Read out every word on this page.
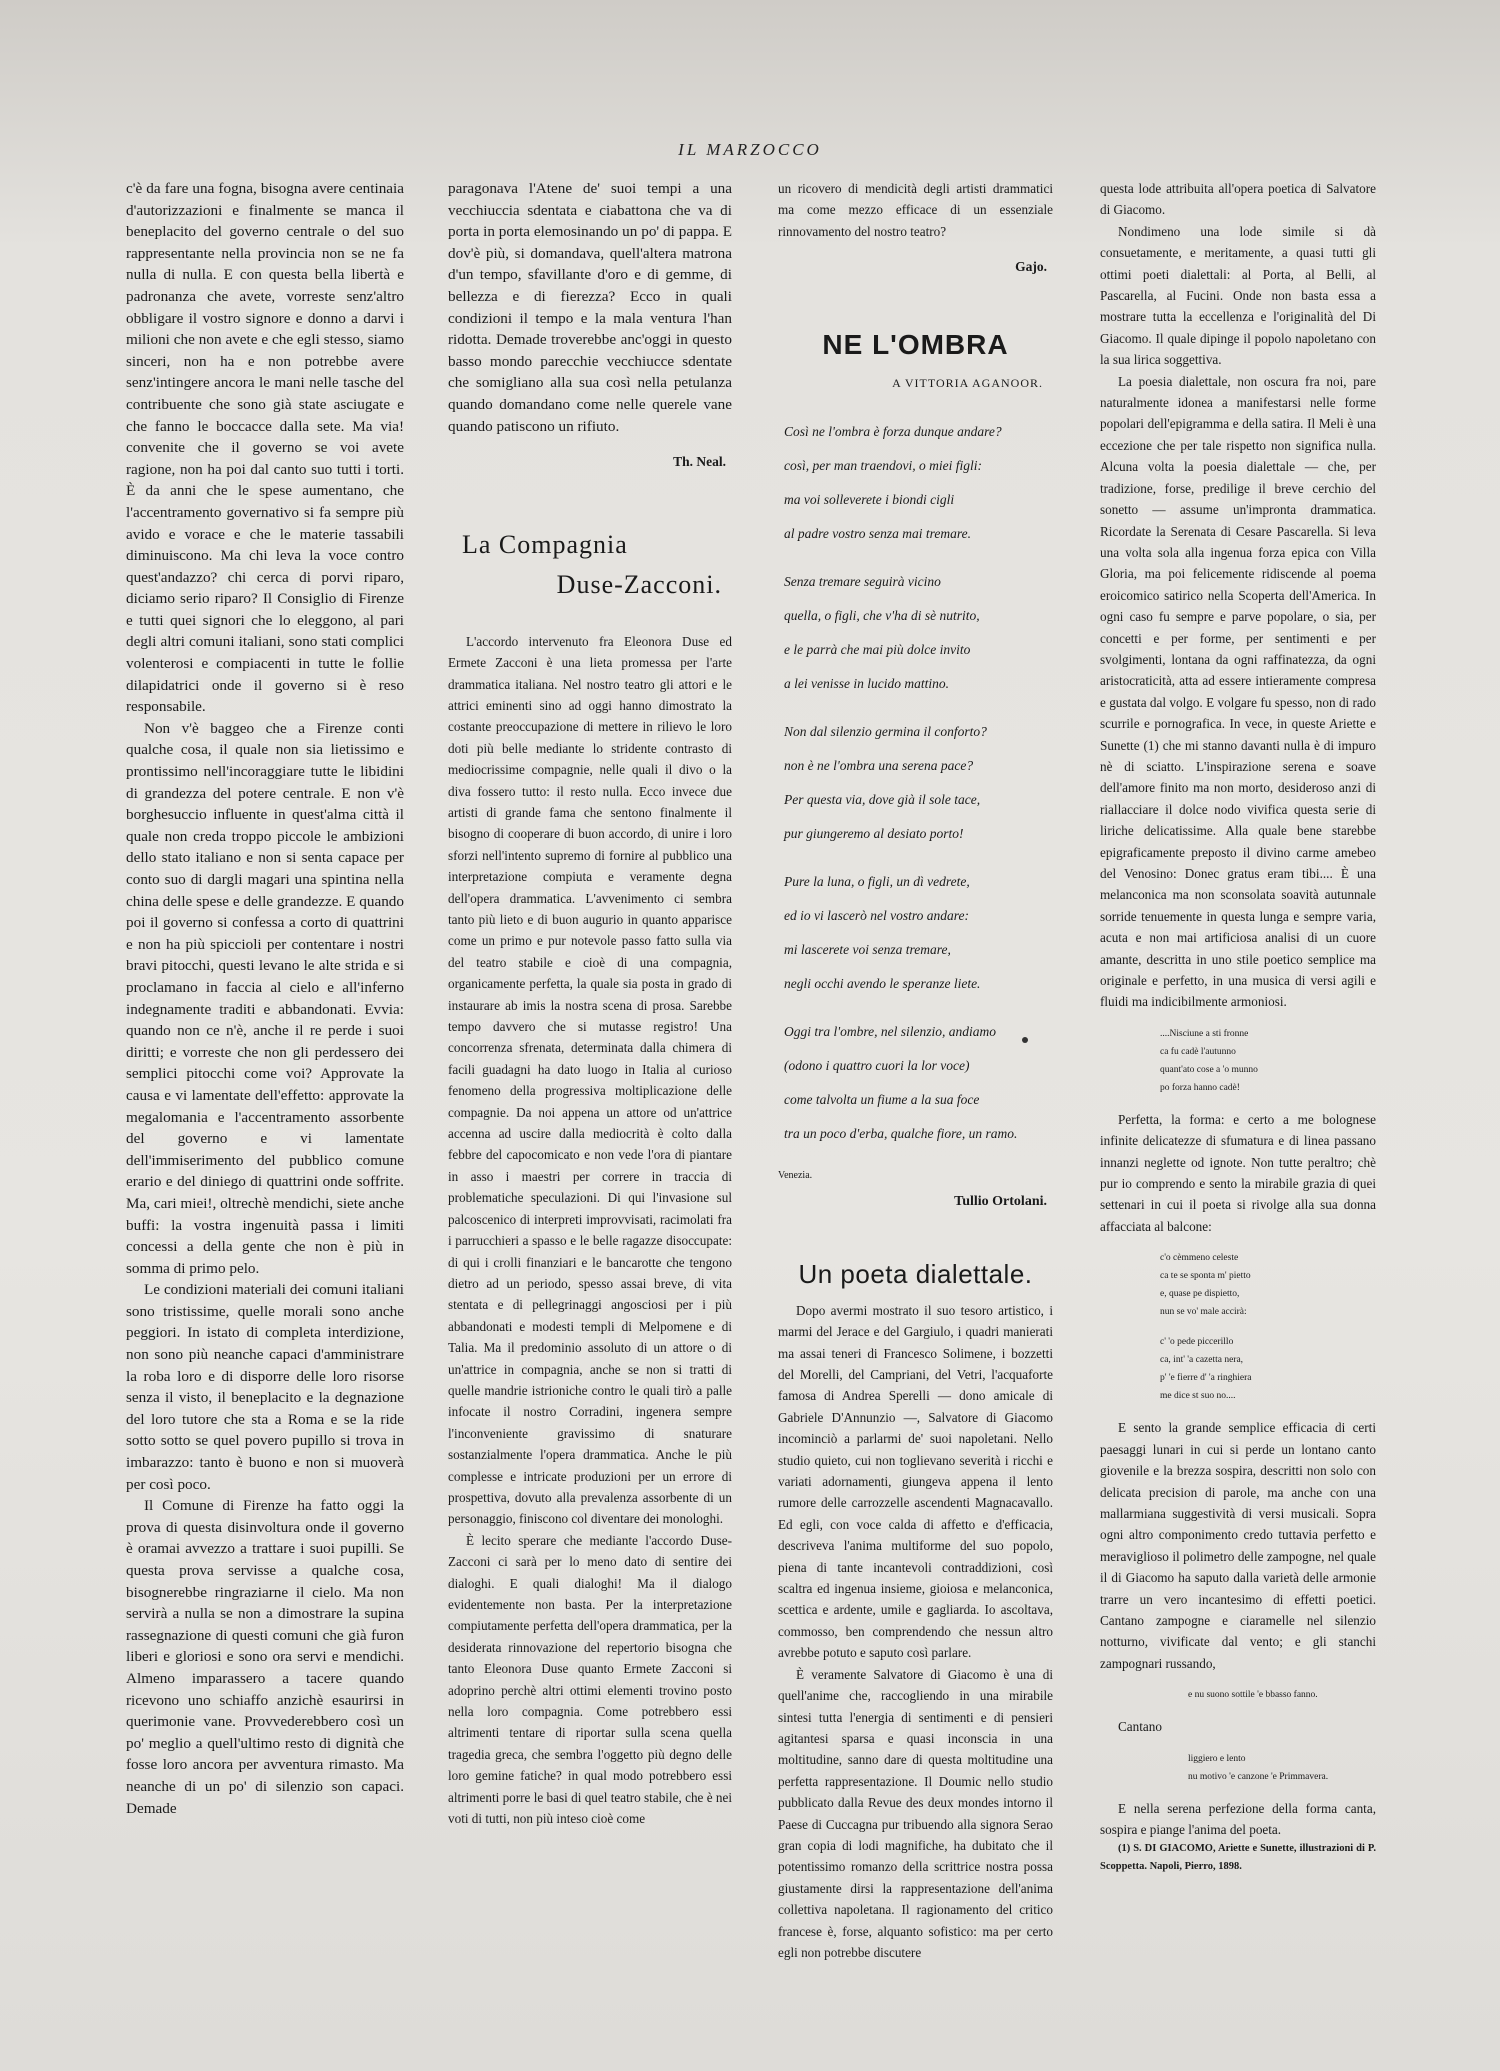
IL MARZOCCO

c'è da fare una fogna, bisogna avere centinaia d'autorizzazioni e finalmente se manca il beneplacito del governo centrale o del suo rappresentante nella provincia non se ne fa nulla di nulla. E con questa bella libertà e padronanza che avete, vorreste senz'altro obbligare il vostro signore e donno a darvi i milioni che non avete e che egli stesso, siamo sinceri, non ha e non potrebbe avere senz'intingere ancora le mani nelle tasche del contribuente che sono già state asciugate e che fanno le boccacce dalla sete. Ma via! convenite che il governo se voi avete ragione, non ha poi dal canto suo tutti i torti. È da anni che le spese aumentano, che l'accentramento governativo si fa sempre più avido e vorace e che le materie tassabili diminuiscono. Ma chi leva la voce contro quest'andazzo? chi cerca di porvi riparo, diciamo serio riparo? Il Consiglio di Firenze e tutti quei signori che lo eleggono, al pari degli altri comuni italiani, sono stati complici volenterosi e compiacenti in tutte le follie dilapidatrici onde il governo si è reso responsabile.

Non v'è baggeo che a Firenze conti qualche cosa, il quale non sia lietissimo e prontissimo nell'incoraggiare tutte le libidini di grandezza del potere centrale. E non v'è borghesuccio influente in quest'alma città il quale non creda troppo piccole le ambizioni dello stato italiano e non si senta capace per conto suo di dargli magari una spintina nella china delle spese e delle grandezze. E quando poi il governo si confessa a corto di quattrini e non ha più spiccioli per contentare i nostri bravi pitocchi, questi levano le alte strida e si proclamano in faccia al cielo e all'inferno indegnamente traditi e abbandonati. Evvia: quando non ce n'è, anche il re perde i suoi diritti; e vorreste che non gli perdessero dei semplici pitocchi come voi? Approvate la causa e vi lamentate dell'effetto: approvate la megalomania e l'accentramento assorbente del governo e vi lamentate dell'immiserimento del pubblico comune erario e del diniego di quattrini onde soffrite. Ma, cari miei!, oltrechè mendichi, siete anche buffi: la vostra ingenuità passa i limiti concessi a della gente che non è più in somma di primo pelo.

Le condizioni materiali dei comuni italiani sono tristissime, quelle morali sono anche peggiori. In istato di completa interdizione, non sono più neanche capaci d'amministrare la roba loro e di disporre delle loro risorse senza il visto, il beneplacito e la degnazione del loro tutore che sta a Roma e se la ride sotto sotto se quel povero pupillo si trova in imbarazzo: tanto è buono e non si muoverà per così poco.

Il Comune di Firenze ha fatto oggi la prova di questa disinvoltura onde il governo è oramai avvezzo a trattare i suoi pupilli. Se questa prova servisse a qualche cosa, bisognerebbe ringraziarne il cielo. Ma non servirà a nulla se non a dimostrare la supina rassegnazione di questi comuni che già furon liberi e gloriosi e sono ora servi e mendichi. Almeno imparassero a tacere quando ricevono uno schiaffo anzichè esaurirsi in querimonie vane. Provvederebbero così un po' meglio a quell'ultimo resto di dignità che fosse loro ancora per avventura rimasto. Ma neanche di un po' di silenzio son capaci. Demade

paragonava l'Atene de' suoi tempi a una vecchiuccia sdentata e ciabattona che va di porta in porta elemosinando un po' di pappa. E dov'è più, si domandava, quell'altera matrona d'un tempo, sfavillante d'oro e di gemme, di bellezza e di fierezza? Ecco in quali condizioni il tempo e la mala ventura l'han ridotta. Demade troverebbe anc'oggi in questo basso mondo parecchie vecchiucce sdentate che somigliano alla sua così nella petulanza quando domandano come nelle querele vane quando patiscono un rifiuto.

Th. Neal.
La Compagnia
Duse-Zacconi.

L'accordo intervenuto fra Eleonora Duse ed Ermete Zacconi è una lieta promessa per l'arte drammatica italiana. Nel nostro teatro gli attori e le attrici eminenti sino ad oggi hanno dimostrato la costante preoccupazione di mettere in rilievo le loro doti più belle mediante lo stridente contrasto di mediocrissime compagnie, nelle quali il divo o la diva fossero tutto: il resto nulla. Ecco invece due artisti di grande fama che sentono finalmente il bisogno di cooperare di buon accordo, di unire i loro sforzi nell'intento supremo di fornire al pubblico una interpretazione compiuta e veramente degna dell'opera drammatica. L'avvenimento ci sembra tanto più lieto e di buon augurio in quanto apparisce come un primo e pur notevole passo fatto sulla via del teatro stabile e cioè di una compagnia, organicamente perfetta, la quale sia posta in grado di instaurare ab imis la nostra scena di prosa. Sarebbe tempo davvero che si mutasse registro! Una concorrenza sfrenata, determinata dalla chimera di facili guadagni ha dato luogo in Italia al curioso fenomeno della progressiva moltiplicazione delle compagnie. Da noi appena un attore od un'attrice accenna ad uscire dalla mediocrità è colto dalla febbre del capocomicato e non vede l'ora di piantare in asso i maestri per correre in traccia di problematiche speculazioni. Di qui l'invasione sul palcoscenico di interpreti improvvisati, racimolati fra i parrucchieri a spasso e le belle ragazze disoccupate: di qui i crolli finanziari e le bancarotte che tengono dietro ad un periodo, spesso assai breve, di vita stentata e di pellegrinaggi angosciosi per i più abbandonati e modesti templi di Melpomene e di Talia. Ma il predominio assoluto di un attore o di un'attrice in compagnia, anche se non si tratti di quelle mandrie istrioniche contro le quali tirò a palle infocate il nostro Corradini, ingenera sempre l'inconveniente gravissimo di snaturare sostanzialmente l'opera drammatica. Anche le più complesse e intricate produzioni per un errore di prospettiva, dovuto alla prevalenza assorbente di un personaggio, finiscono col diventare dei monologhi.

È lecito sperare che mediante l'accordo Duse-Zacconi ci sarà per lo meno dato di sentire dei dialoghi. E quali dialoghi! Ma il dialogo evidentemente non basta. Per la interpretazione compiutamente perfetta dell'opera drammatica, per la desiderata rinnovazione del repertorio bisogna che tanto Eleonora Duse quanto Ermete Zacconi si adoprino perchè altri ottimi elementi trovino posto nella loro compagnia. Come potrebbero essi altrimenti tentare di riportar sulla scena quella tragedia greca, che sembra l'oggetto più degno delle loro gemine fatiche? in qual modo potrebbero essi altrimenti porre le basi di quel teatro stabile, che è nei voti di tutti, non più inteso cioè come

un ricovero di mendicità degli artisti drammatici ma come mezzo efficace di un essenziale rinnovamento del nostro teatro?

Gajo.
NE L'OMBRA
A VITTORIA AGANOOR.
Così ne l'ombra è forza dunque andare?
così, per man traendovi, o miei figli:
ma voi solleverete i biondi cigli
al padre vostro senza mai tremare.
Senza tremare seguirà vicino
quella, o figli, che v'ha di sè nutrito,
e le parrà che mai più dolce invito
a lei venisse in lucido mattino.
Non dal silenzio germina il conforto?
non è ne l'ombra una serena pace?
Per questa via, dove già il sole tace,
pur giungeremo al desiato porto!
Pure la luna, o figli, un dì vedrete,
ed io vi lascerò nel vostro andare:
mi lascerete voi senza tremare,
negli occhi avendo le speranze liete.
Oggi tra l'ombre, nel silenzio, andiamo
(odono i quattro cuori la lor voce)
come talvolta un fiume a la sua foce
tra un poco d'erba, qualche fiore, un ramo.
Venezia.
Tullio Ortolani.
Un poeta dialettale.

Dopo avermi mostrato il suo tesoro artistico, i marmi del Jerace e del Gargiulo, i quadri manierati ma assai teneri di Francesco Solimene, i bozzetti del Morelli, del Campriani, del Vetri, l'acquaforte famosa di Andrea Sperelli — dono amicale di Gabriele D'Annunzio —, Salvatore di Giacomo incominciò a parlarmi de' suoi napoletani. Nello studio quieto, cui non toglievano severità i ricchi e variati adornamenti, giungeva appena il lento rumore delle carrozzelle ascendenti Magnacavallo. Ed egli, con voce calda di affetto e d'efficacia, descriveva l'anima multiforme del suo popolo, piena di tante incantevoli contraddizioni, così scaltra ed ingenua insieme, gioiosa e melanconica, scettica e ardente, umile e gagliarda. Io ascoltava, commosso, ben comprendendo che nessun altro avrebbe potuto e saputo così parlare.

È veramente Salvatore di Giacomo è una di quell'anime che, raccogliendo in una mirabile sintesi tutta l'energia di sentimenti e di pensieri agitantesi sparsa e quasi inconscia in una moltitudine, sanno dare di questa moltitudine una perfetta rappresentazione. Il Doumic nello studio pubblicato dalla Revue des deux mondes intorno il Paese di Cuccagna pur tribuendo alla signora Serao gran copia di lodi magnifiche, ha dubitato che il potentissimo romanzo della scrittrice nostra possa giustamente dirsi la rappresentazione dell'anima collettiva napoletana. Il ragionamento del critico francese è, forse, alquanto sofistico: ma per certo egli non potrebbe discutere

questa lode attribuita all'opera poetica di Salvatore di Giacomo.

Nondimeno una lode simile si dà consuetamente, e meritamente, a quasi tutti gli ottimi poeti dialettali: al Porta, al Belli, al Pascarella, al Fucini. Onde non basta essa a mostrare tutta la eccellenza e l'originalità del Di Giacomo. Il quale dipinge il popolo napoletano con la sua lirica soggettiva.

La poesia dialettale, non oscura fra noi, pare naturalmente idonea a manifestarsi nelle forme popolari dell'epigramma e della satira. Il Meli è una eccezione che per tale rispetto non significa nulla. Alcuna volta la poesia dialettale — che, per tradizione, forse, predilige il breve cerchio del sonetto — assume un'impronta drammatica. Ricordate la Serenata di Cesare Pascarella. Si leva una volta sola alla ingenua forza epica con Villa Gloria, ma poi felicemente ridiscende al poema eroicomico satirico nella Scoperta dell'America. In ogni caso fu sempre e parve popolare, o sia, per concetti e per forme, per sentimenti e per svolgimenti, lontana da ogni raffinatezza, da ogni aristocraticità, atta ad essere intieramente compresa e gustata dal volgo. E volgare fu spesso, non di rado scurrile e pornografica. In vece, in queste Ariette e Sunette (1) che mi stanno davanti nulla è di impuro nè di sciatto. L'inspirazione serena e soave dell'amore finito ma non morto, desideroso anzi di riallacciare il dolce nodo vivifica questa serie di liriche delicatissime. Alla quale bene starebbe epigraficamente preposto il divino carme amebeo del Venosino: Donec gratus eram tibi.... È una melanconica ma non sconsolata soavità autunnale sorride tenuemente in questa lunga e sempre varia, acuta e non mai artificiosa analisi di un cuore amante, descritta in uno stile poetico semplice ma originale e perfetto, in una musica di versi agili e fluidi ma indicibilmente armoniosi.

....Nisciune a sti fronne
ca fu cadè l'autunno
quant'ato cose a 'o munno
po forza hanno cadè!

Perfetta, la forma: e certo a me bolognese infinite delicatezze di sfumatura e di linea passano innanzi neglette od ignote. Non tutte peraltro; chè pur io comprendo e sento la mirabile grazia di quei settenari in cui il poeta si rivolge alla sua donna affacciata al balcone:

c'o cèmmeno celeste
ca te se sponta m' pietto
e, quase pe dispietto,
nun se vo' male accirà:
c' 'o pede piccerillo
ca, int' 'a cazetta nera,
p' 'e fierre d' 'a ringhiera
me dice st suo no....

E sento la grande semplice efficacia di certi paesaggi lunari in cui si perde un lontano canto giovenile e la brezza sospira, descritti non solo con delicata precision di parole, ma anche con una mallarmiana suggestività di versi musicali. Sopra ogni altro componimento credo tuttavia perfetto e meraviglioso il polimetro delle zampogne, nel quale il di Giacomo ha saputo dalla varietà delle armonie trarre un vero incantesimo di effetti poetici. Cantano zampogne e ciaramelle nel silenzio notturno, vivificate dal vento; e gli stanchi zampognari russando,

e nu suono sottile 'e bbasso fanno.

Cantano

liggiero e lento
nu motivo 'e canzone 'e Primmavera.

E nella serena perfezione della forma canta, sospira e piange l'anima del poeta.

(1) S. DI GIACOMO, Ariette e Sunette, illustrazioni di P. Scoppetta. Napoli, Pierro, 1898.
